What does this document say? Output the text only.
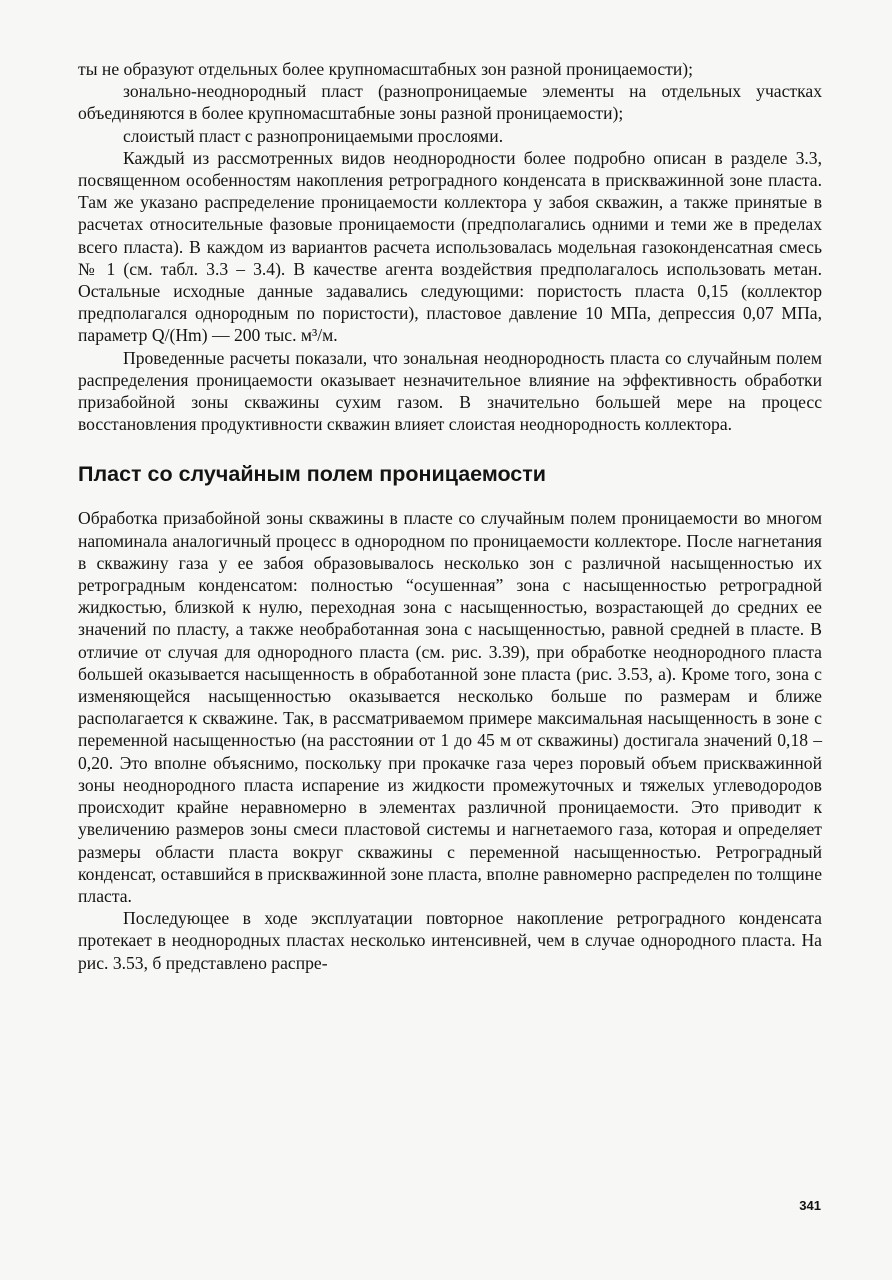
ты не образуют отдельных более крупномасштабных зон разной проницаемости);

зонально-неоднородный пласт (разнопроницаемые элементы на отдельных участках объединяются в более крупномасштабные зоны разной проницаемости);

слоистый пласт с разнопроницаемыми прослоями.

Каждый из рассмотренных видов неоднородности более подробно описан в разделе 3.3, посвященном особенностям накопления ретроградного конденсата в прискважинной зоне пласта. Там же указано распределение проницаемости коллектора у забоя скважин, а также принятые в расчетах относительные фазовые проницаемости (предполагались одними и теми же в пределах всего пласта). В каждом из вариантов расчета использовалась модельная газоконденсатная смесь № 1 (см. табл. 3.3 – 3.4). В качестве агента воздействия предполагалось использовать метан. Остальные исходные данные задавались следующими: пористость пласта 0,15 (коллектор предполагался однородным по пористости), пластовое давление 10 МПа, депрессия 0,07 МПа, параметр Q/(Hm) — 200 тыс. м³/м.

Проведенные расчеты показали, что зональная неоднородность пласта со случайным полем распределения проницаемости оказывает незначительное влияние на эффективность обработки призабойной зоны скважины сухим газом. В значительно большей мере на процесс восстановления продуктивности скважин влияет слоистая неоднородность коллектора.

Пласт со случайным полем проницаемости

Обработка призабойной зоны скважины в пласте со случайным полем проницаемости во многом напоминала аналогичный процесс в однородном по проницаемости коллекторе. После нагнетания в скважину газа у ее забоя образовывалось несколько зон с различной насыщенностью их ретроградным конденсатом: полностью “осушенная” зона с насыщенностью ретроградной жидкостью, близкой к нулю, переходная зона с насыщенностью, возрастающей до средних ее значений по пласту, а также необработанная зона с насыщенностью, равной средней в пласте. В отличие от случая для однородного пласта (см. рис. 3.39), при обработке неоднородного пласта большей оказывается насыщенность в обработанной зоне пласта (рис. 3.53, а). Кроме того, зона с изменяющейся насыщенностью оказывается несколько больше по размерам и ближе располагается к скважине. Так, в рассматриваемом примере максимальная насыщенность в зоне с переменной насыщенностью (на расстоянии от 1 до 45 м от скважины) достигала значений 0,18 – 0,20. Это вполне объяснимо, поскольку при прокачке газа через поровый объем прискважинной зоны неоднородного пласта испарение из жидкости промежуточных и тяжелых углеводородов происходит крайне неравномерно в элементах различной проницаемости. Это приводит к увеличению размеров зоны смеси пластовой системы и нагнетаемого газа, которая и определяет размеры области пласта вокруг скважины с переменной насыщенностью. Ретроградный конденсат, оставшийся в прискважинной зоне пласта, вполне равномерно распределен по толщине пласта.

Последующее в ходе эксплуатации повторное накопление ретроградного конденсата протекает в неоднородных пластах несколько интенсивней, чем в случае однородного пласта. На рис. 3.53, б представлено распре-

341
